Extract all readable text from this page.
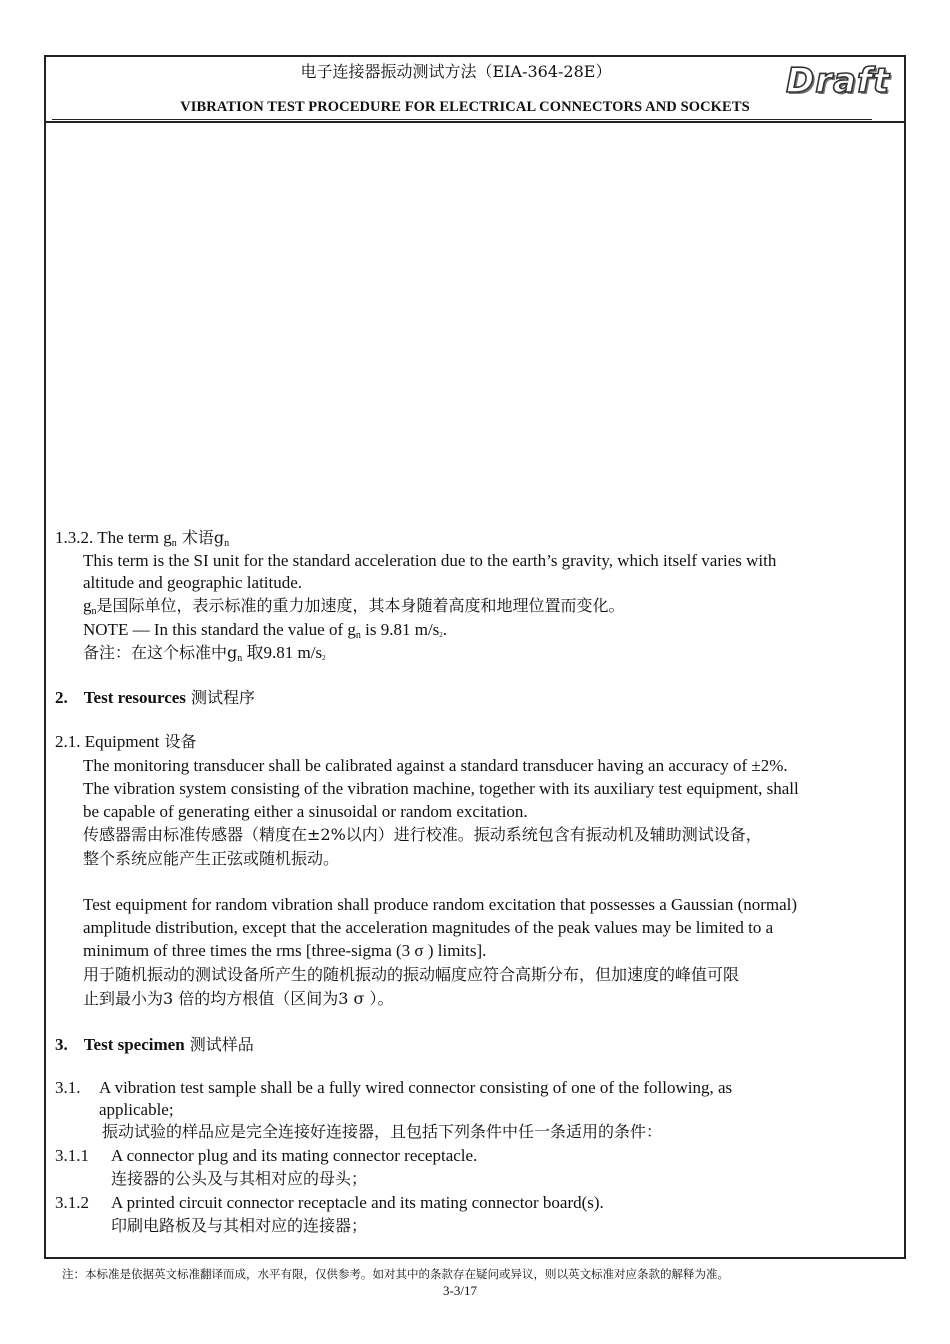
电子连接器振动测试方法（EIA-364-28E）
VIBRATION TEST PROCEDURE FOR ELECTRICAL CONNECTORS AND SOCKETS
Draft
1.3.2. The term $g_n$ 术语$g_n$
This term is the SI unit for the standard acceleration due to the earth’s gravity, which itself varies with
altitude and geographic latitude.
$g_n$是国际单位，表示标准的重力加速度，其本身随着高度和地理位置而变化。
NOTE — In this standard the value of $g_n$ is 9.81 $m/s_2$.
备注：在这个标准中$g_n$ 取9.81 $m/s_2$
2. Test resources 测试程序
2.1. Equipment 设备
The monitoring transducer shall be calibrated against a standard transducer having an accuracy of ±2%.
The vibration system consisting of the vibration machine, together with its auxiliary test equipment, shall
be capable of generating either a sinusoidal or random excitation.
传感器需由标准传感器（精度在±2%以内）进行校准。振动系统包含有振动机及辅助测试设备，
整个系统应能产生正弦或随机振动。
Test equipment for random vibration shall produce random excitation that possesses a Gaussian (normal)
amplitude distribution, except that the acceleration magnitudes of the peak values may be limited to a
minimum of three times the rms [three-sigma (3 σ ) limits].
用于随机振动的测试设备所产生的随机振动的振动幅度应符合高斯分布，但加速度的峰值可限
止到最小为3 倍的均方根值（区间为3 σ ）。
3. Test specimen 测试样品
3.1. A vibration test sample shall be a fully wired connector consisting of one of the following, as
applicable;
振动试验的样品应是完全连接好连接器，且包括下列条件中任一条适用的条件：
3.1.1 A connector plug and its mating connector receptacle.
连接器的公头及与其相对应的母头；
3.1.2 A printed circuit connector receptacle and its mating connector board(s).
印刷电路板及与其相对应的连接器；
注：本标准是依据英文标准翻译而成，水平有限，仅供参考。如对其中的条款存在疑问或异议，则以英文标准对应条款的解释为准。
3-3/17
